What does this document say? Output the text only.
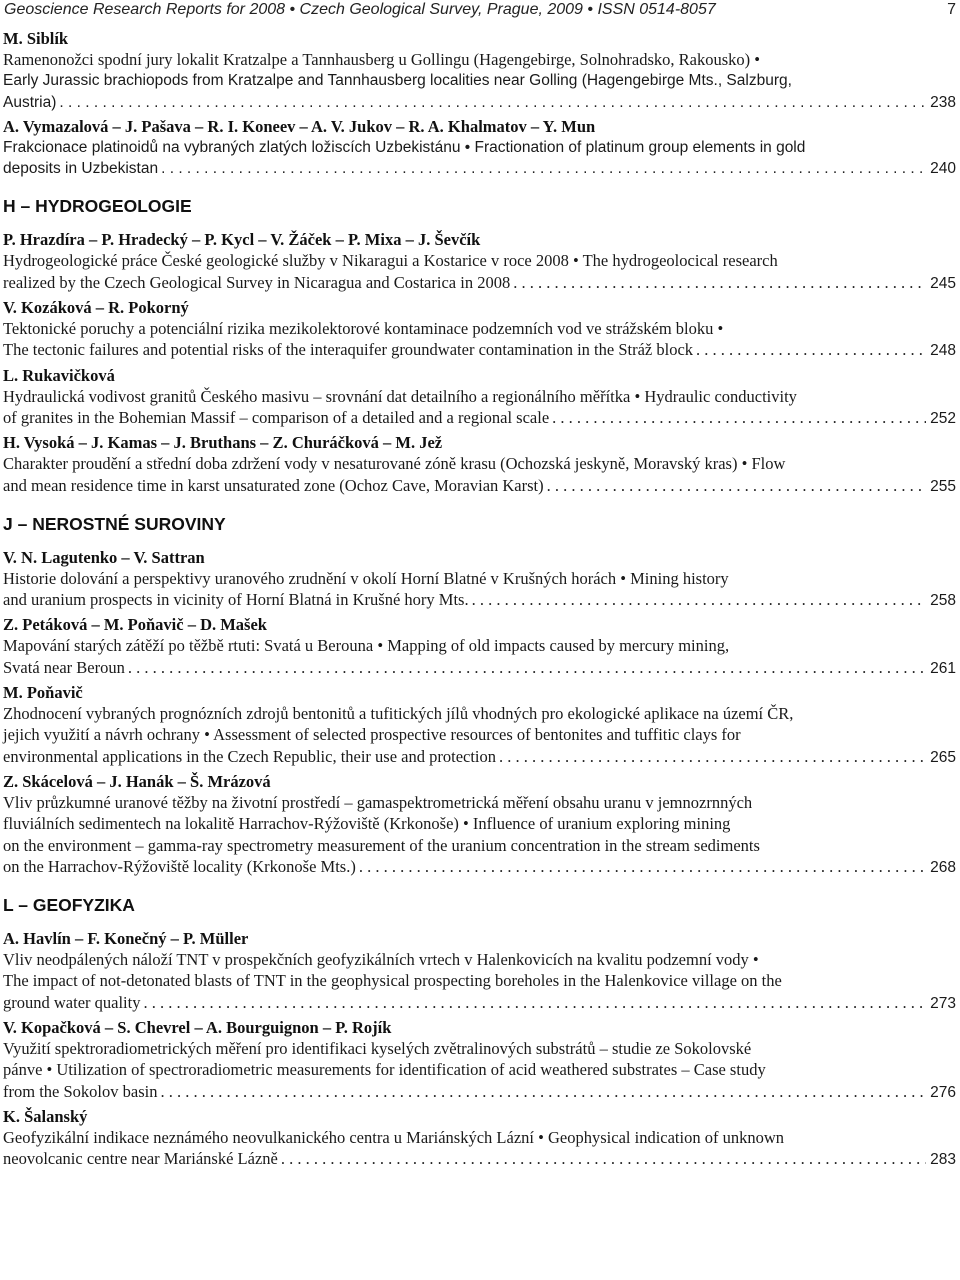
Geoscience Research Reports for 2008 • Czech Geological Survey, Prague, 2009 • ISSN 0514-8057	7
M. Siblík
Ramenonožci spodní jury lokalit Kratzalpe a Tannhausberg u Gollingu (Hagengebirge, Solnohradsko, Rakousko) •
Early Jurassic brachiopods from Kratzalpe and Tannhausberg localities near Golling (Hagengebirge Mts., Salzburg,
Austria) . . .	238
A. Vymazalová – J. Pašava – R. I. Koneev – A. V. Jukov – R. A. Khalmatov – Y. Mun
Frakcionace platinoidů na vybraných zlatých ložiscích Uzbekistánu • Fractionation of platinum group elements in gold
deposits in Uzbekistan . . .	240
H – HYDROGEOLOGIE
P. Hrazdíra – P. Hradecký – P. Kycl – V. Žáček – P. Mixa – J. Ševčík
Hydrogeologické práce České geologické služby v Nikaragui a Kostarice v roce 2008 • The hydrogeolocical research
realized by the Czech Geological Survey in Nicaragua and Costarica in 2008 . . .	245
V. Kozáková – R. Pokorný
Tektonické poruchy a potenciální rizika mezikolektorové kontaminace podzemních vod ve strážském bloku •
The tectonic failures and potential risks of the interaquifer groundwater contamination in the Stráž block . . .	248
L. Rukavičková
Hydraulická vodivost granitů Českého masivu – srovnání dat detailního a regionálního měřítka • Hydraulic conductivity
of granites in the Bohemian Massif – comparison of a detailed and a regional scale . . .	252
H. Vysoká – J. Kamas – J. Bruthans – Z. Churáčková – M. Jež
Charakter proudění a střední doba zdržení vody v nesaturované zóně krasu (Ochozská jeskyně, Moravský kras) • Flow
and mean residence time in karst unsaturated zone (Ochoz Cave, Moravian Karst) . . .	255
J – NEROSTNÉ SUROVINY
V. N. Lagutenko – V. Sattran
Historie dolování a perspektivy uranového zrudnění v okolí Horní Blatné v Krušných horách • Mining history
and uranium prospects in vicinity of Horní Blatná in Krušné hory Mts. . . .	258
Z. Petáková – M. Poňavič – D. Mašek
Mapování starých zátěží po těžbě rtuti: Svatá u Berouna • Mapping of old impacts caused by mercury mining,
Svatá near Beroun . . .	261
M. Poňavič
Zhodnocení vybraných prognózních zdrojů bentonitů a tufitických jílů vhodných pro ekologické aplikace na území ČR,
jejich využití a návrh ochrany • Assessment of selected prospective resources of bentonites and tuffitic clays for
environmental applications in the Czech Republic, their use and protection . . .	265
Z. Skácelová – J. Hanák – Š. Mrázová
Vliv průzkumné uranové těžby na životní prostředí – gamaspektrometrická měření obsahu uranu v jemnozrnných
fluviálních sedimentech na lokalitě Harrachov-Rýžoviště (Krkonoše) • Influence of uranium exploring mining
on the environment – gamma-ray spectrometry measurement of the uranium concentration in the stream sediments
on the Harrachov-Rýžoviště locality (Krkonoše Mts.) . . .	268
L – GEOFYZIKA
A. Havlín – F. Konečný – P. Müller
Vliv neodpálených náloží TNT v prospekčních geofyzikálních vrtech v Halenkovicích na kvalitu podzemní vody •
The impact of not-detonated blasts of TNT in the geophysical prospecting boreholes in the Halenkovice village on the
ground water quality . . .	273
V. Kopačková – S. Chevrel – A. Bourguignon – P. Rojík
Využití spektroradiometrických měření pro identifikaci kyselých zvětralinových substrátů – studie ze Sokolovské
pánve • Utilization of spectroradiometric measurements for identification of acid weathered substrates – Case study
from the Sokolov basin . . .	276
K. Šalanský
Geofyzikální indikace neznámého neovulkanického centra u Mariánských Lázní • Geophysical indication of unknown
neovolcanic centre near Mariánské Lázně . . .	283
